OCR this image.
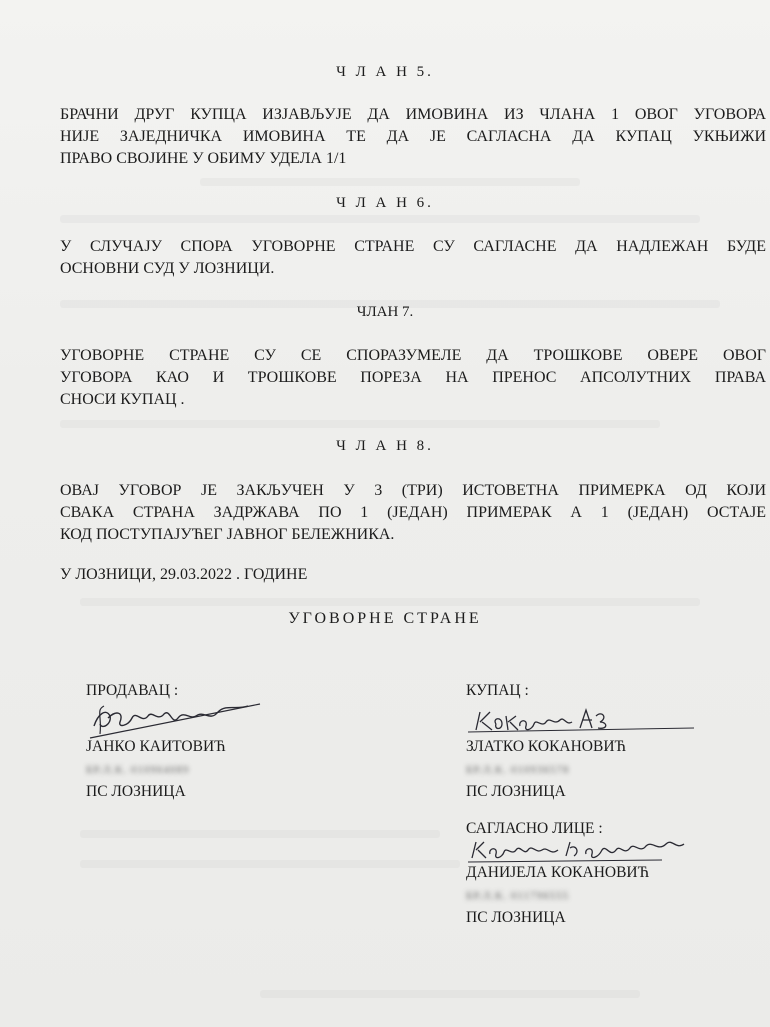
Ч Л А Н 5.
БРАЧНИ ДРУГ КУПЦА ИЗЈАВЉУЈЕ ДА ИМОВИНА ИЗ ЧЛАНА 1 ОВОГ УГОВОРА
НИЈЕ ЗАЈЕДНИЧКА ИМОВИНА ТЕ ДА ЈЕ САГЛАСНА ДА КУПАЦ УКЊИЖИ
ПРАВО СВОЈИНЕ У ОБИМУ УДЕЛА 1/1
Ч Л А Н 6.
У СЛУЧАЈУ СПОРА УГОВОРНЕ СТРАНЕ СУ САГЛАСНЕ ДА НАДЛЕЖАН БУДЕ
ОСНОВНИ СУД У ЛОЗНИЦИ.
ЧЛАН 7.
УГОВОРНЕ СТРАНЕ СУ СЕ СПОРАЗУМЕЛЕ ДА ТРОШКОВЕ ОВЕРЕ ОВОГ
УГОВОРА КАО И ТРОШКОВЕ ПОРЕЗА НА ПРЕНОС АПСОЛУТНИХ ПРАВА
СНОСИ КУПАЦ .
Ч Л А Н 8.
ОВАЈ УГОВОР ЈЕ ЗАКЉУЧЕН У 3 (ТРИ) ИСТОВЕТНА ПРИМЕРКА ОД КОЈИ
СВАКА СТРАНА ЗАДРЖАВА ПО 1 (ЈЕДАН) ПРИМЕРАК А 1 (ЈЕДАН) ОСТАЈЕ
КОД ПОСТУПАЈУЋЕГ ЈАВНОГ БЕЛЕЖНИКА.
У ЛОЗНИЦИ, 29.03.2022 . ГОДИНЕ
УГОВОРНЕ СТРАНЕ
ПРОДАВАЦ :
ЈАНКО КАИТОВИЋ
БР.Л.К. 010964089
ПС ЛОЗНИЦА
КУПАЦ :
ЗЛАТКО КОКАНОВИЋ
БР.Л.К. 010936578
ПС ЛОЗНИЦА
САГЛАСНО ЛИЦЕ :
ДАНИЈЕЛА КОКАНОВИЋ
БР.Л.К. 011796555
ПС ЛОЗНИЦА
